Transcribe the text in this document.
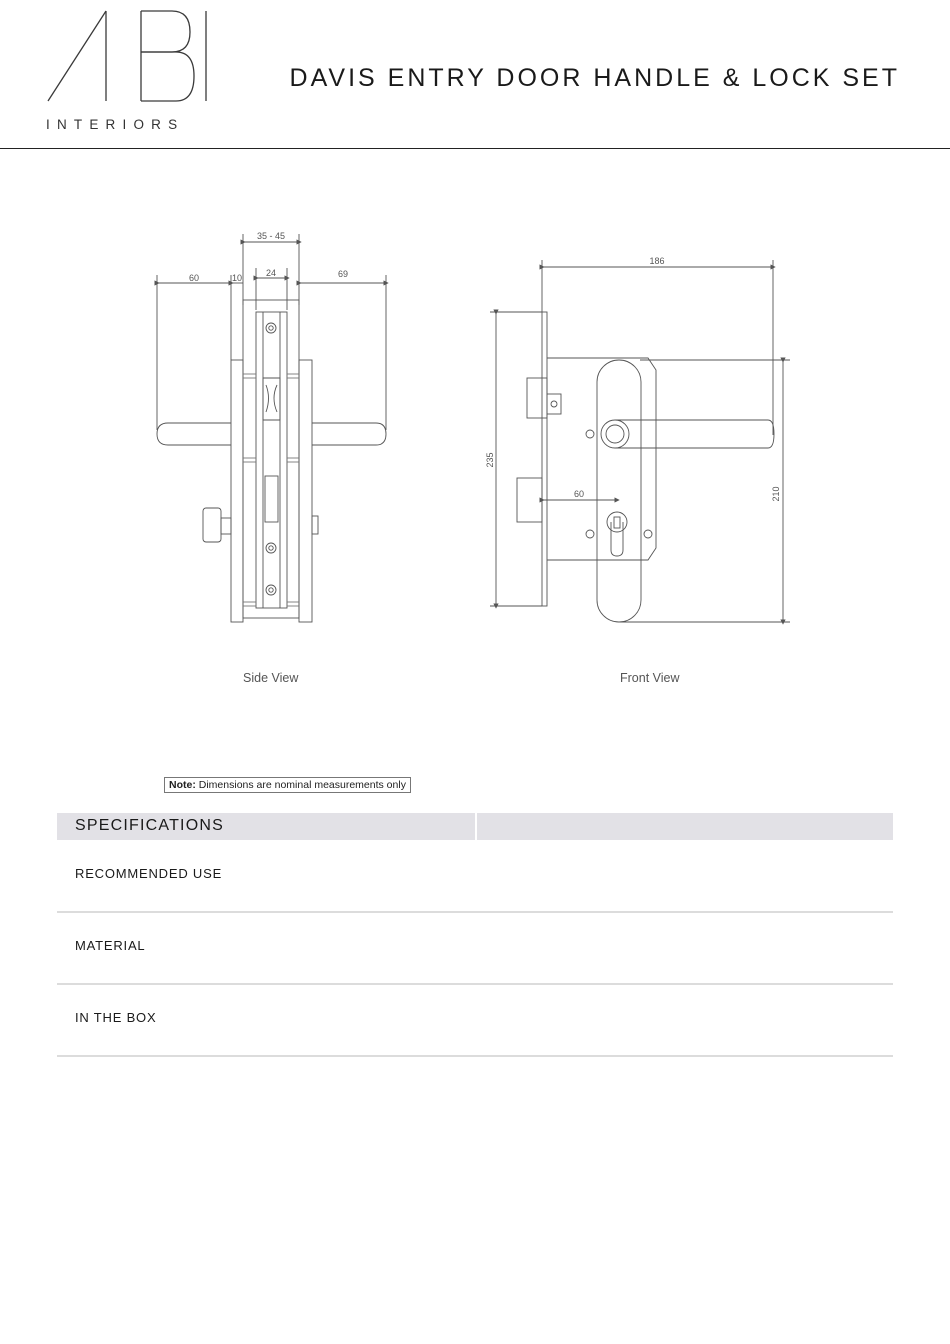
INTERIORS
DAVIS ENTRY DOOR HANDLE & LOCK SET
35 - 45
60	10	24	69
186
235
60	210
Side View	Front View
Note: Dimensions are nominal measurements only
SPECIFICATIONS
RECOMMENDED USE
MATERIAL
IN THE BOX
